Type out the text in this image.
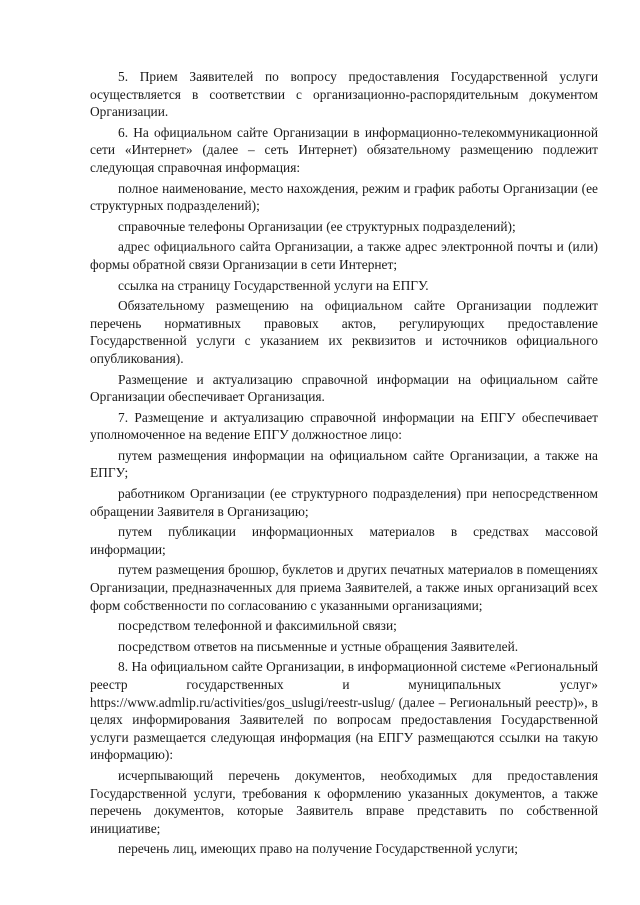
5. Прием Заявителей по вопросу предоставления Государственной услуги осуществляется в соответствии с организационно-распорядительным документом Организации.

6. На официальном сайте Организации в информационно-телекоммуникационной сети «Интернет» (далее – сеть Интернет) обязательному размещению подлежит следующая справочная информация:

полное наименование, место нахождения, режим и график работы Организации (ее структурных подразделений);

справочные телефоны Организации (ее структурных подразделений);

адрес официального сайта Организации, а также адрес электронной почты и (или) формы обратной связи Организации в сети Интернет;

ссылка на страницу Государственной услуги на ЕПГУ.

Обязательному размещению на официальном сайте Организации подлежит перечень нормативных правовых актов, регулирующих предоставление Государственной услуги с указанием их реквизитов и источников официального опубликования).

Размещение и актуализацию справочной информации на официальном сайте Организации обеспечивает Организация.

7. Размещение и актуализацию справочной информации на ЕПГУ обеспечивает уполномоченное на ведение ЕПГУ должностное лицо:

путем размещения информации на официальном сайте Организации, а также на ЕПГУ;

работником Организации (ее структурного подразделения) при непосредственном обращении Заявителя в Организацию;

путем публикации информационных материалов в средствах массовой информации;

путем размещения брошюр, буклетов и других печатных материалов в помещениях Организации, предназначенных для приема Заявителей, а также иных организаций всех форм собственности по согласованию с указанными организациями;

посредством телефонной и факсимильной связи;

посредством ответов на письменные и устные обращения Заявителей.

8. На официальном сайте Организации, в информационной системе «Региональный реестр государственных и муниципальных услуг» https://www.admlip.ru/activities/gos_uslugi/reestr-uslug/ (далее – Региональный реестр)», в целях информирования Заявителей по вопросам предоставления Государственной услуги размещается следующая информация (на ЕПГУ размещаются ссылки на такую информацию):

исчерпывающий перечень документов, необходимых для предоставления Государственной услуги, требования к оформлению указанных документов, а также перечень документов, которые Заявитель вправе представить по собственной инициативе;

перечень лиц, имеющих право на получение Государственной услуги;
